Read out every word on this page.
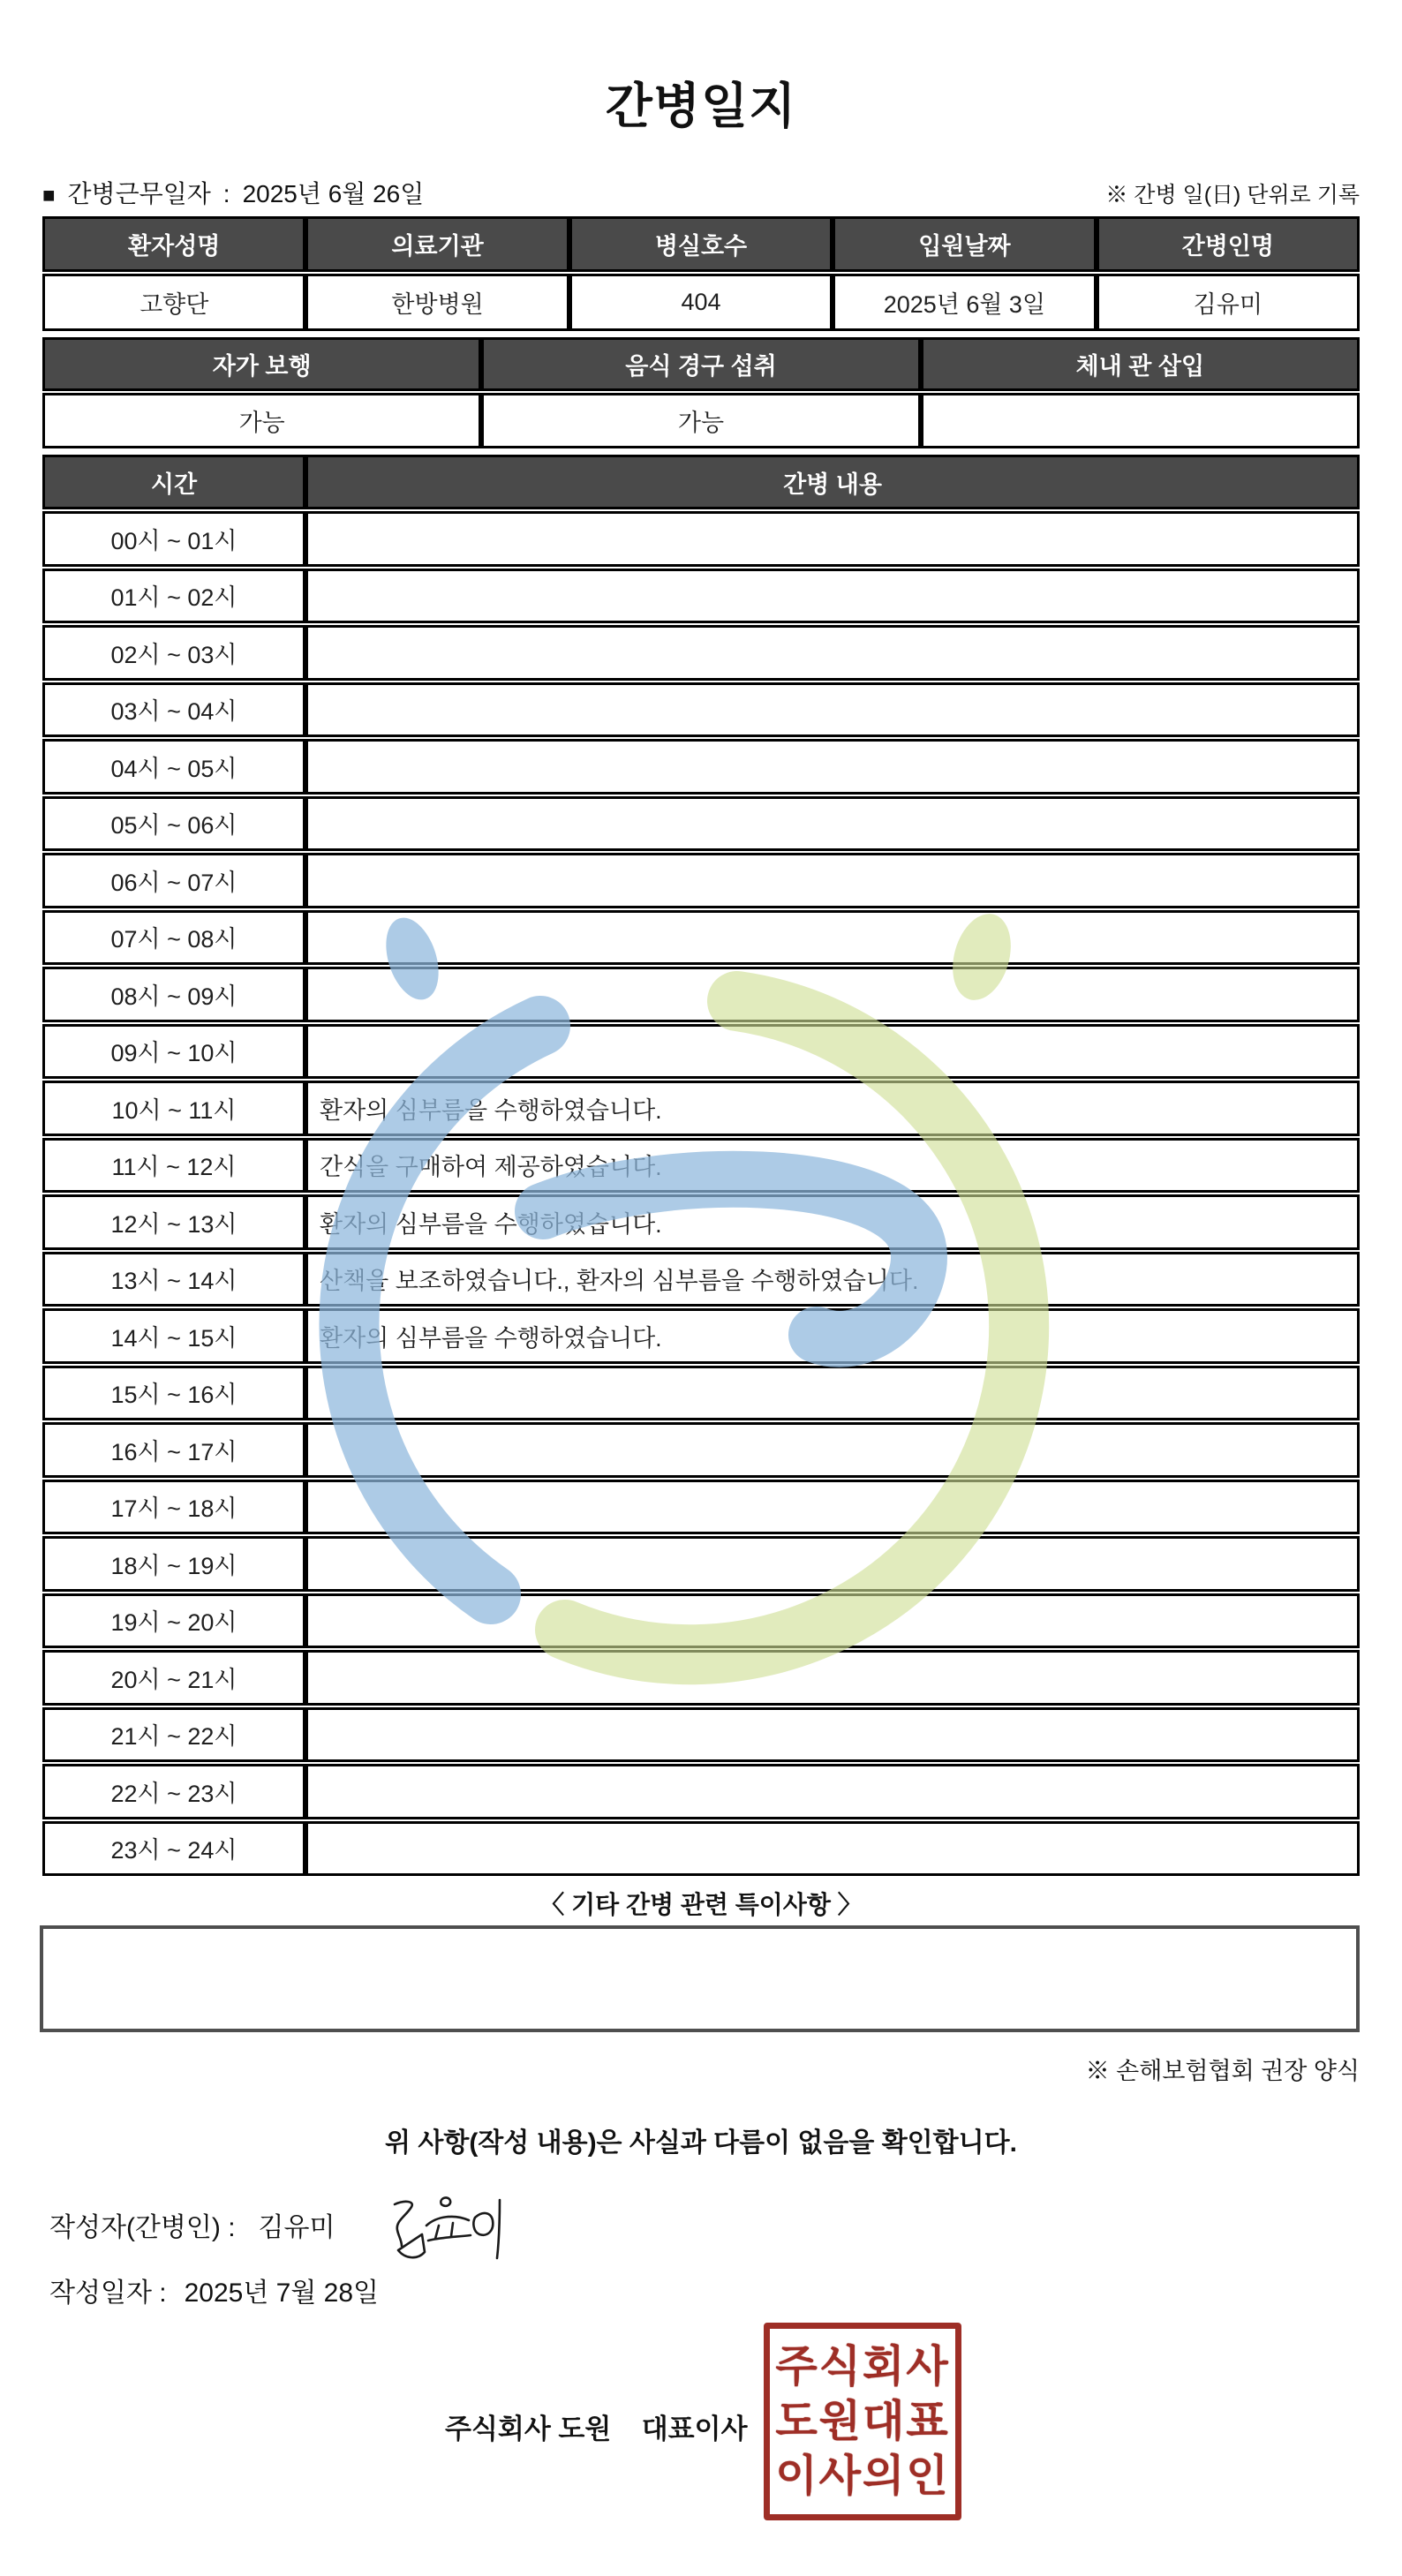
간병일지
■ 간병근무일자 : 2025년 6월 26일	※ 간병 일(日) 단위로 기록
환자성명	의료기관	병실호수	입원날짜	간병인명
고향단	한방병원	404	2025년 6월 3일	김유미
자가 보행	음식 경구 섭취	체내 관 삽입
가능	가능	
시간	간병 내용
00시 ~ 01시	
01시 ~ 02시	
02시 ~ 03시	
03시 ~ 04시	
04시 ~ 05시	
05시 ~ 06시	
06시 ~ 07시	
07시 ~ 08시	
08시 ~ 09시	
09시 ~ 10시	
10시 ~ 11시	환자의 심부름을 수행하였습니다.
11시 ~ 12시	간식을 구매하여 제공하였습니다.
12시 ~ 13시	환자의 심부름을 수행하였습니다.
13시 ~ 14시	산책을 보조하였습니다., 환자의 심부름을 수행하였습니다.
14시 ~ 15시	환자의 심부름을 수행하였습니다.
15시 ~ 16시	
16시 ~ 17시	
17시 ~ 18시	
18시 ~ 19시	
19시 ~ 20시	
20시 ~ 21시	
21시 ~ 22시	
22시 ~ 23시	
23시 ~ 24시	
〈 기타 간병 관련 특이사항 〉
※ 손해보험협회 권장 양식
위 사항(작성 내용)은 사실과 다름이 없음을 확인합니다.
작성자(간병인) : 김유미
작성일자 : 2025년 7월 28일
주식회사 도원    대표이사
주식회사
도원대표
이사의인
